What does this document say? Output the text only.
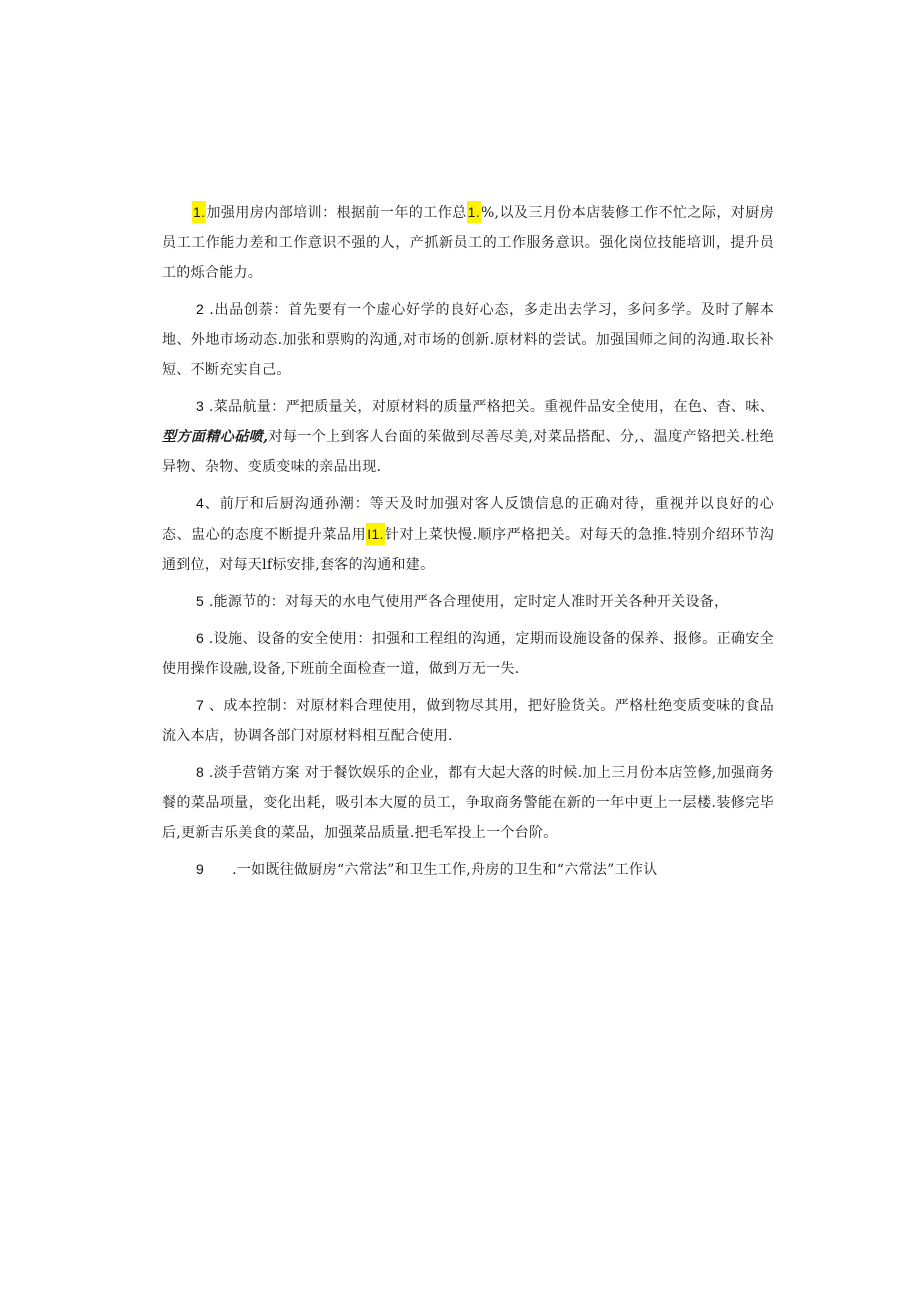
1.加强用房内部培训：根据前一年的工作总1.%,以及三月份本店装修工作不忙之际，对厨房员工工作能力差和工作意识不强的人，产抓新员工的工作服务意识。强化岗位技能培训，提升员工的烁合能力。

2 .出品创萘：首先要有一个虚心好学的良好心态，多走出去学习，多问多学。及时了解本地、外地市场动态.加张和票购的沟通,对市场的创新.原材料的尝试。加强国师之间的沟通.取长补短、不断充实自己。

3 .菜品航量：严把质量关，对原材料的质量严格把关。重视件品安全使用，在色、杳、味、型方面精心砧喷,对每一个上到客人台面的茱做到尽善尽美,对菜品搭配、分,、温度产铬把关.杜绝异物、杂物、变质变味的亲品出现.

4、前厅和后厨沟通孙潮：等天及时加强对客人反馈信息的正确对待，重视并以良好的心态、盅心的态度不断提升菜品用I1.针对上菜快慢.顺序严格把关。对每天的急推.特别介绍环节沟通到位，对每天lf标安排,套客的沟通和建。

5 .能源节的：对每天的水电气使用严各合理使用，定时定人准时开关各种开关设备，

6 .设施、设备的安全使用：扣强和工程组的沟通，定期而设施设备的保养、报修。正确安全使用操作设融,设备,下班前全面检查一道，做到万无一失.

7 、成本控制：对原材料合理使用，做到物尽其用，把好脸货关。严格杜绝变质变味的食品流入本店，协调各部门对原材料相互配合使用.

8 .淡手营销方案 对于餐饮娱乐的企业，都有大起大落的时候.加上三月份本店笠修,加强商务餐的菜品项量，变化出耗，吸引本大厦的员工，争取商务警能在新的一年中更上一层楼.装修完毕后,更新吉乐美食的菜品，加强菜品质量.把毛军投上一个台阶。

9 .一如既往做厨房“六常法”和卫生工作,舟房的卫生和“六常法”工作认
